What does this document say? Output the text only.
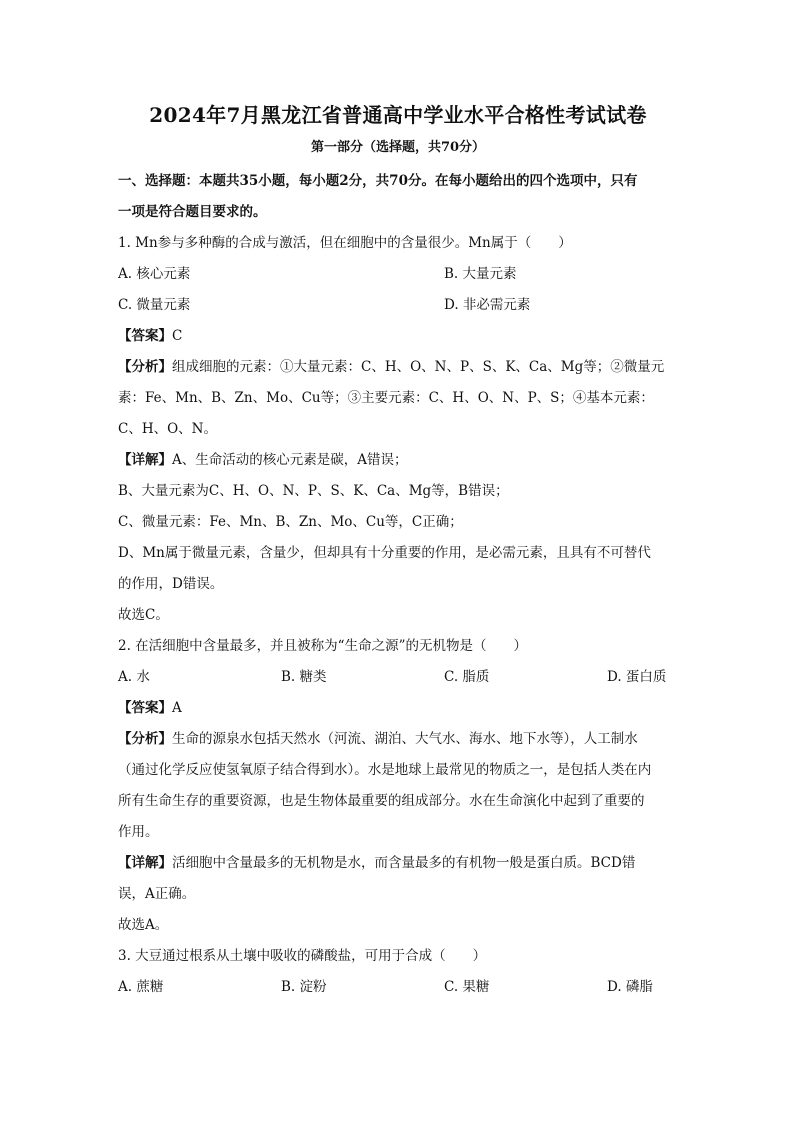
2024年7月黑龙江省普通高中学业水平合格性考试试卷
第一部分（选择题，共70分）
一、选择题：本题共35小题，每小题2分，共70分。在每小题给出的四个选项中，只有
一项是符合题目要求的。
1. Mn参与多种酶的合成与激活，但在细胞中的含量很少。Mn属于（　　）
A. 核心元素	B. 大量元素
C. 微量元素	D. 非必需元素
【答案】C
【分析】组成细胞的元素：①大量元素：C、H、O、N、P、S、K、Ca、Mg等；②微量元
素：Fe、Mn、B、Zn、Mo、Cu等；③主要元素：C、H、O、N、P、S；④基本元素：
C、H、O、N。
【详解】A、生命活动的核心元素是碳，A错误；
B、大量元素为C、H、O、N、P、S、K、Ca、Mg等，B错误；
C、微量元素：Fe、Mn、B、Zn、Mo、Cu等，C正确；
D、Mn属于微量元素，含量少，但却具有十分重要的作用，是必需元素，且具有不可替代
的作用，D错误。
故选C。
2. 在活细胞中含量最多，并且被称为“生命之源”的无机物是（　　）
A. 水	B. 糖类	C. 脂质	D. 蛋白质
【答案】A
【分析】生命的源泉水包括天然水（河流、湖泊、大气水、海水、地下水等），人工制水
（通过化学反应使氢氧原子结合得到水）。水是地球上最常见的物质之一，是包括人类在内
所有生命生存的重要资源，也是生物体最重要的组成部分。水在生命演化中起到了重要的
作用。
【详解】活细胞中含量最多的无机物是水，而含量最多的有机物一般是蛋白质。BCD错
误，A正确。
故选A。
3. 大豆通过根系从土壤中吸收的磷酸盐，可用于合成（　　）
A. 蔗糖	B. 淀粉	C. 果糖	D. 磷脂
